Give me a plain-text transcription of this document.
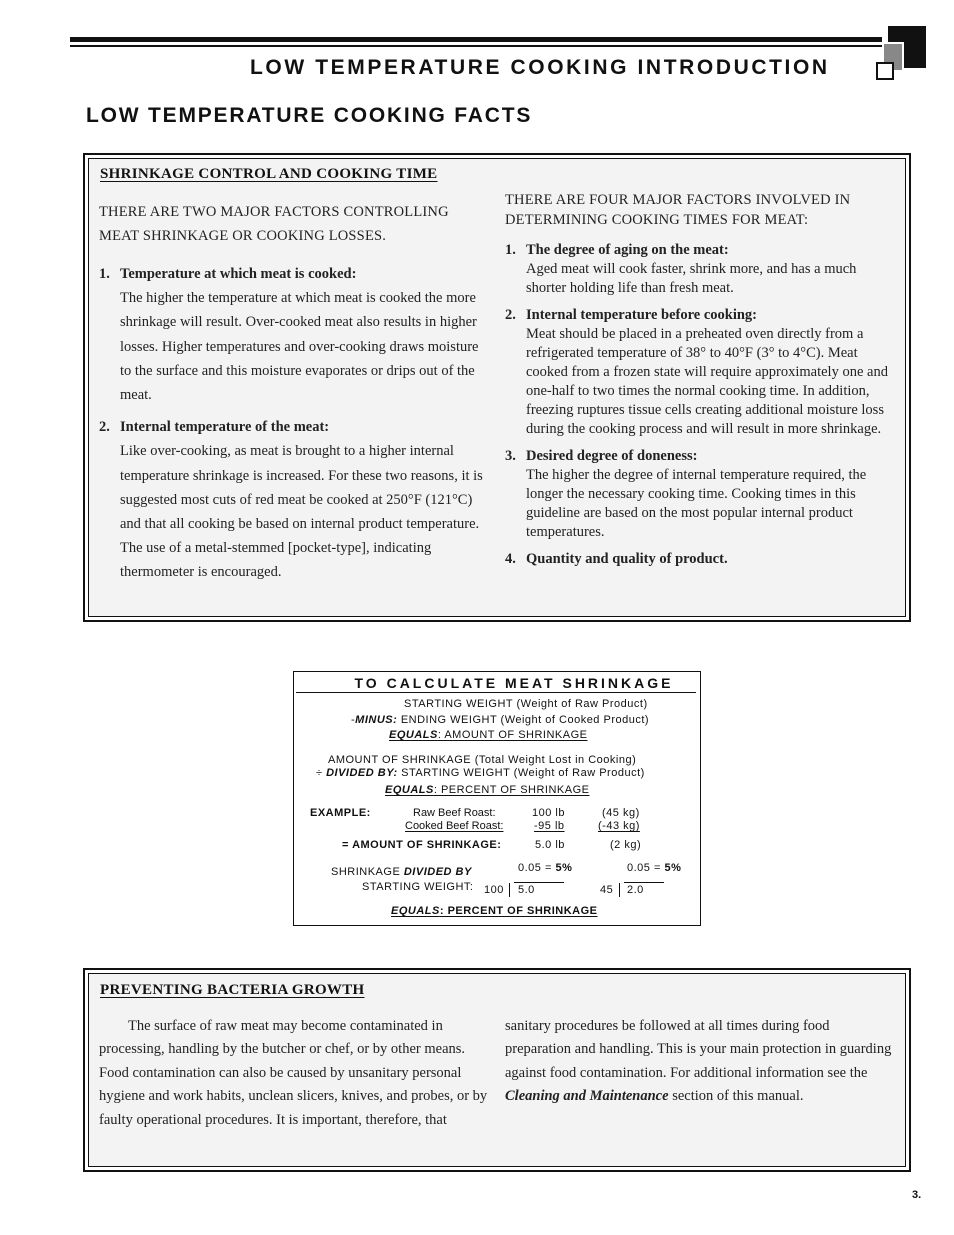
LOW TEMPERATURE COOKING INTRODUCTION
LOW TEMPERATURE COOKING FACTS
SHRINKAGE CONTROL AND COOKING TIME
THERE ARE TWO MAJOR FACTORS CONTROLLING MEAT SHRINKAGE OR COOKING LOSSES.
1. Temperature at which meat is cooked:
The higher the temperature at which meat is cooked the more shrinkage will result. Over-cooked meat also results in higher losses. Higher temperatures and over-cooking draws moisture to the surface and this moisture evaporates or drips out of the meat.
2. Internal temperature of the meat:
Like over-cooking, as meat is brought to a higher internal temperature shrinkage is increased. For these two reasons, it is suggested most cuts of red meat be cooked at 250°F (121°C) and that all cooking be based on internal product temperature. The use of a metal-stemmed [pocket-type], indicating thermometer is encouraged.
THERE ARE FOUR MAJOR FACTORS INVOLVED IN DETERMINING COOKING TIMES FOR MEAT:
1. The degree of aging on the meat:
Aged meat will cook faster, shrink more, and has a much shorter holding life than fresh meat.
2. Internal temperature before cooking:
Meat should be placed in a preheated oven directly from a refrigerated temperature of 38° to 40°F (3° to 4°C). Meat cooked from a frozen state will require approximately one and one-half to two times the normal cooking time. In addition, freezing ruptures tissue cells creating additional moisture loss during the cooking process and will result in more shrinkage.
3. Desired degree of doneness:
The higher the degree of internal temperature required, the longer the necessary cooking time. Cooking times in this guideline are based on the most popular internal product temperatures.
4. Quantity and quality of product.
TO CALCULATE MEAT SHRINKAGE
STARTING WEIGHT (Weight of Raw Product)
-MINUS: ENDING WEIGHT (Weight of Cooked Product)
EQUALS: AMOUNT OF SHRINKAGE
AMOUNT OF SHRINKAGE (Total Weight Lost in Cooking)
÷ DIVIDED BY: STARTING WEIGHT (Weight of Raw Product)
EQUALS: PERCENT OF SHRINKAGE
EXAMPLE:	Raw Beef Roast:	100 lb	(45 kg)
Cooked Beef Roast:	-95 lb	(-43 kg)
= AMOUNT OF SHRINKAGE:	5.0 lb	(2 kg)
SHRINKAGE DIVIDED BY
STARTING WEIGHT:
0.05 = 5%
100 5.0
0.05 = 5%
45 2.0
EQUALS: PERCENT OF SHRINKAGE
PREVENTING BACTERIA GROWTH
The surface of raw meat may become contaminated in processing, handling by the butcher or chef, or by other means. Food contamination can also be caused by unsanitary personal hygiene and work habits, unclean slicers, knives, and probes, or by faulty operational procedures. It is important, therefore, that
sanitary procedures be followed at all times during food preparation and handling. This is your main protection in guarding against food contamination. For additional information see the Cleaning and Maintenance section of this manual.
3.
